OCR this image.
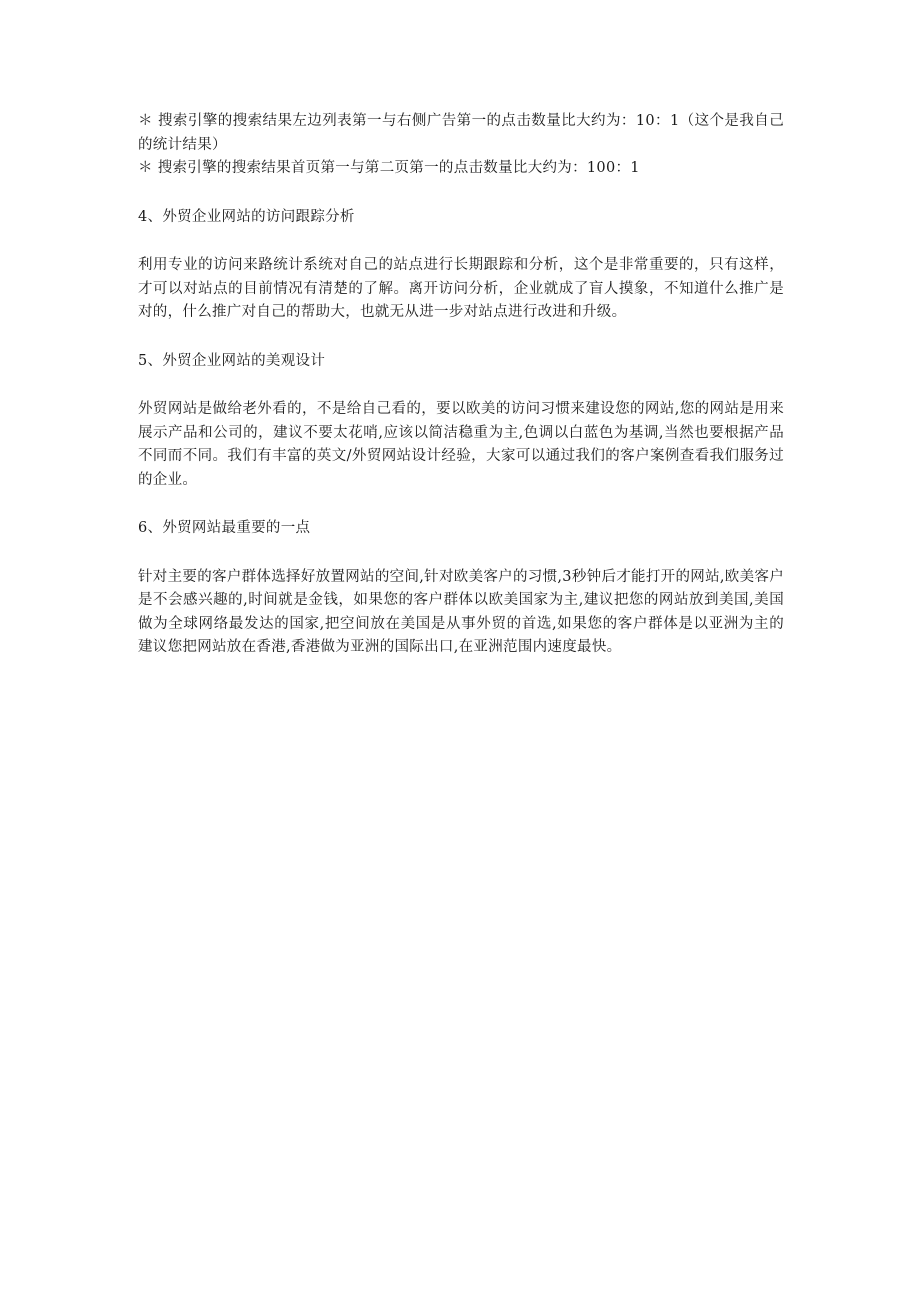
＊ 搜索引擎的搜索结果左边列表第一与右侧广告第一的点击数量比大约为：10：1（这个是我自己的统计结果）

＊ 搜索引擎的搜索结果首页第一与第二页第一的点击数量比大约为：100：1

4、外贸企业网站的访问跟踪分析

利用专业的访问来路统计系统对自己的站点进行长期跟踪和分析，这个是非常重要的，只有这样，才可以对站点的目前情况有清楚的了解。离开访问分析，企业就成了盲人摸象，不知道什么推广是对的，什么推广对自己的帮助大，也就无从进一步对站点进行改进和升级。

5、外贸企业网站的美观设计

外贸网站是做给老外看的，不是给自己看的，要以欧美的访问习惯来建设您的网站,您的网站是用来展示产品和公司的，建议不要太花哨,应该以简洁稳重为主,色调以白蓝色为基调,当然也要根据产品不同而不同。我们有丰富的英文/外贸网站设计经验，大家可以通过我们的客户案例查看我们服务过的企业。

6、外贸网站最重要的一点

针对主要的客户群体选择好放置网站的空间,针对欧美客户的习惯,3秒钟后才能打开的网站,欧美客户是不会感兴趣的,时间就是金钱，如果您的客户群体以欧美国家为主,建议把您的网站放到美国,美国做为全球网络最发达的国家,把空间放在美国是从事外贸的首选,如果您的客户群体是以亚洲为主的建议您把网站放在香港,香港做为亚洲的国际出口,在亚洲范围内速度最快。
